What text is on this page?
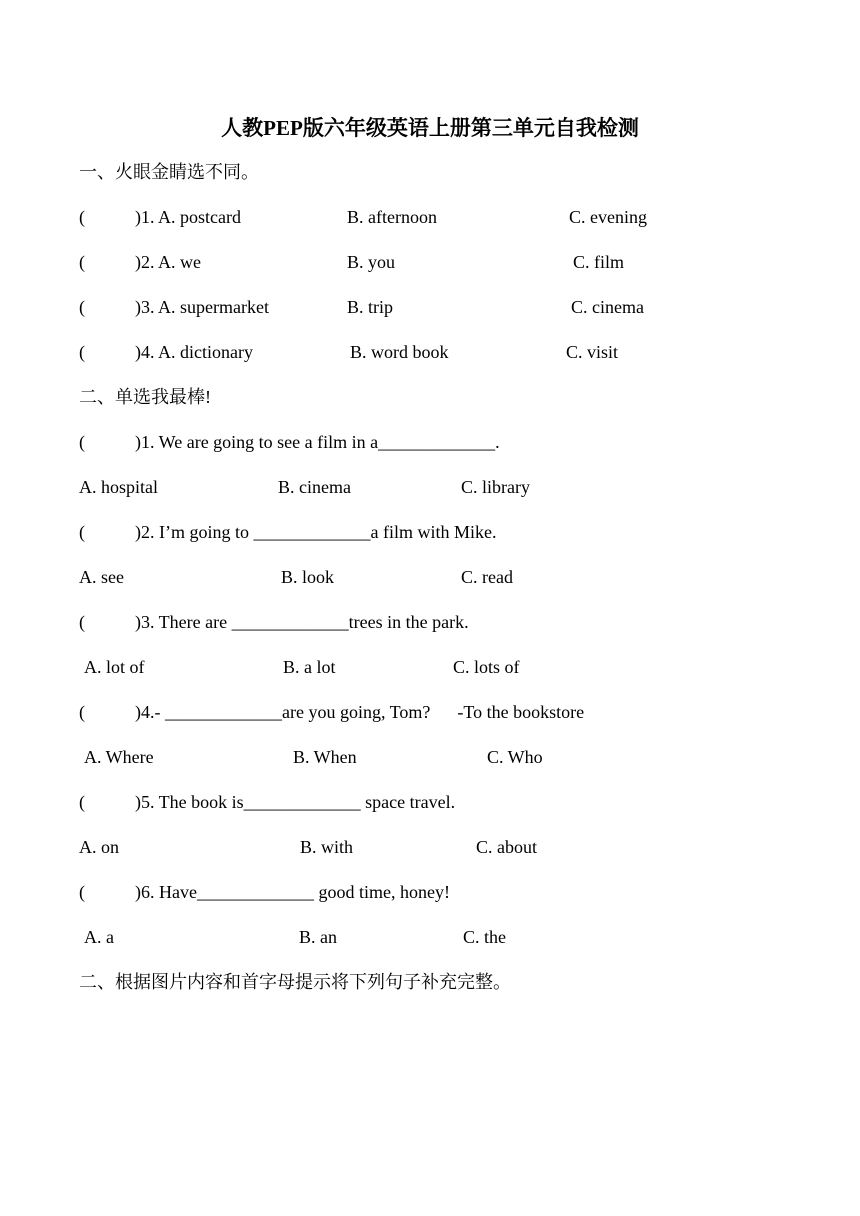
人教PEP版六年级英语上册第三单元自我检测
一、火眼金睛选不同。
(	)1. A. postcard	B. afternoon	C. evening
(	)2. A. we	B. you	C. film
(	)3. A. supermarket	B. trip	C. cinema
(	)4. A. dictionary	B. word book	C. visit
二、单选我最棒!
(	)1. We are going to see a film in a_____________.
A. hospital	B. cinema	C. library
(	)2. I’m going to _____________a film with Mike.
A. see	B. look	C. read
(	)3. There are _____________trees in the park.
A. lot of	B. a lot	C. lots of
(	)4.- _____________are you going, Tom?      -To the bookstore
A. Where	B. When	C. Who
(	)5. The book is_____________ space travel.
A. on	B. with	C. about
(	)6. Have_____________ good time, honey!
A. a	B. an	C. the
二、根据图片内容和首字母提示将下列句子补充完整。
